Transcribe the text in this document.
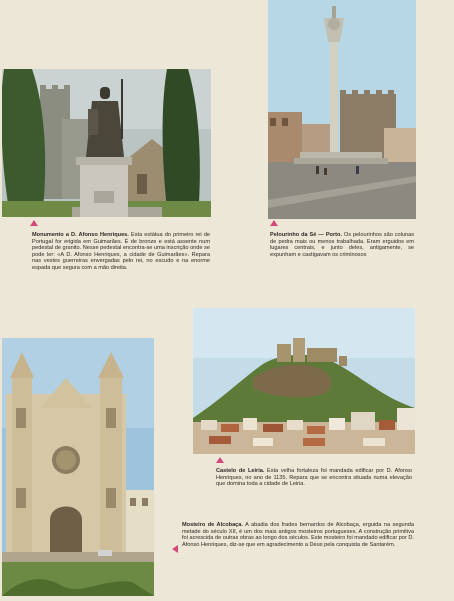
Monumento a D. Afonso Henriques. Esta estátua do primeiro rei de Portugal for erigida em Guimarães. É de bronze e está assente num pedestal de granito. Nesse pedestal encontra-se uma inscrição onde se pode ler: «A D. Afonso Henriques, a cidade de Guimarães». Repara nas vestes guerreiras envergadas pelo rei, no escudo e na enorme espada que segura com a mão direita.
Pelourinho da Sé — Porto. Os pelourinhos são colunas de pedra mais ou menos trabalhada. Eram erguidos em lugares centrais, e junto deles, antigamente, se expunham e castigavam os criminosos
Castelo de Leiria. Esta velha fortaleza foi mandada edificar por D. Afonso Henriques, no ano de 1135. Repara que se encontra situada numa elevação que domina toda a cidade de Leiria.
Mosteiro de Alcobaça. A abadia dos frades bernardos de Alcobaça, erguida na segunda metade do século XII, é um dos mais antigos mosteiros portugueses. A construção primitiva foi acrescida de outras obras ao longo dos séculos. Este mosteiro foi mandado edificar por D. Afonso Henriques, diz-se que em agradecimento a Deus pela conquista de Santarém.
